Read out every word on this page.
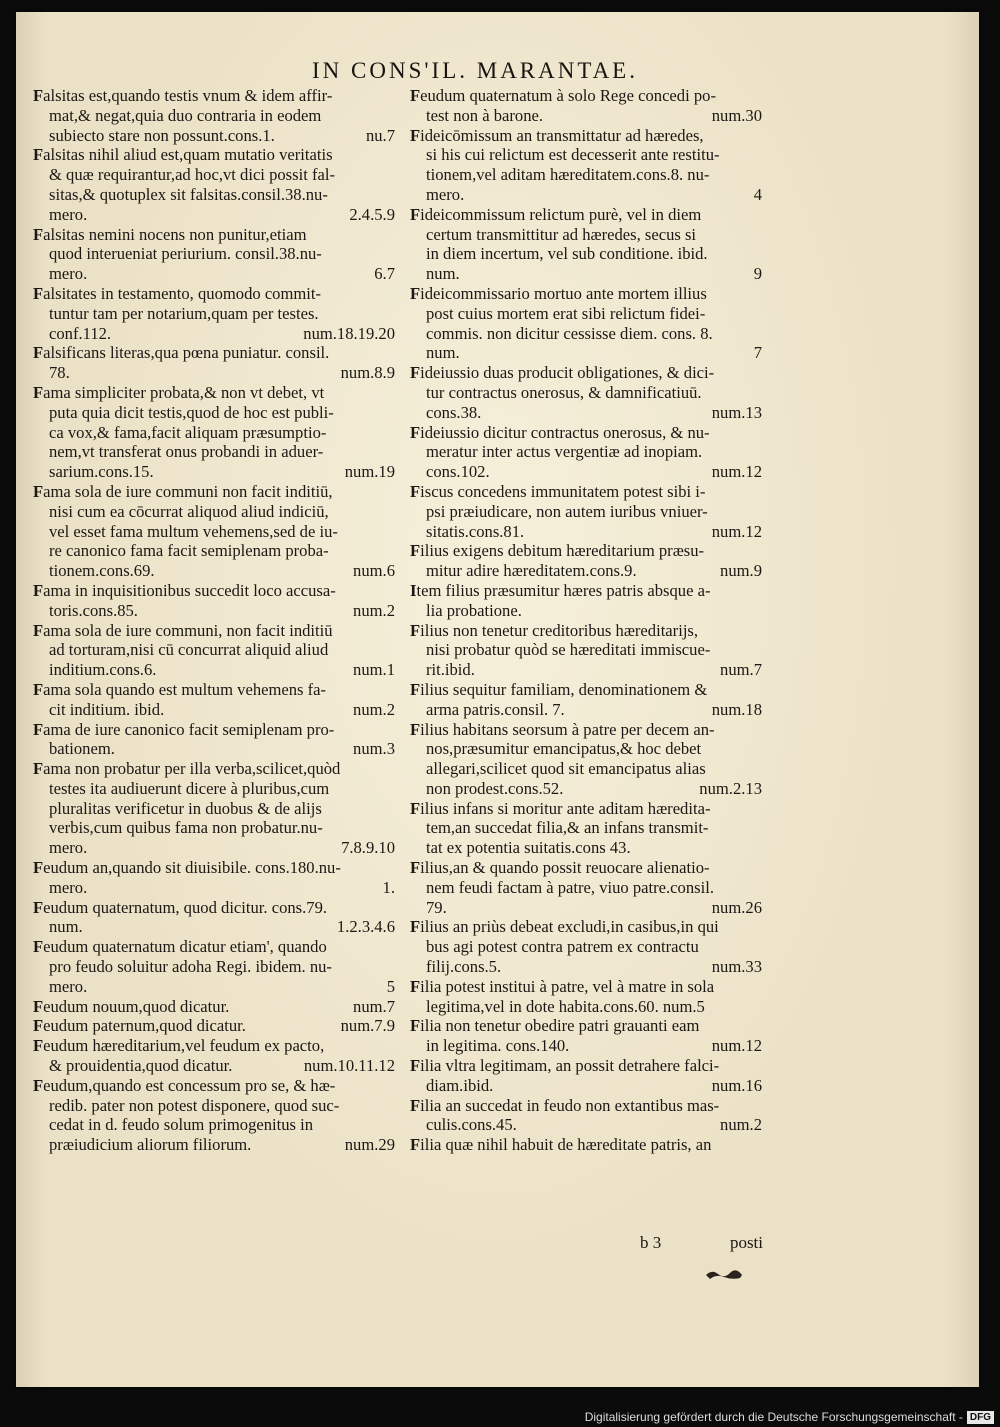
IN CONS'IL. MARANTAE.
Falsitas est,quando testis vnum & idem affir-
mat,& negat,quia duo contraria in eodem
nu.7
subiecto stare non possunt.cons.1.
Falsitas nihil aliud est,quam mutatio veritatis
& quæ requirantur,ad hoc,vt dici possit fal-
sitas,& quotuplex sit falsitas.consil.38.nu-
2.4.5.9
mero.
Falsitas nemini nocens non punitur,etiam
quod interueniat periurium. consil.38.nu-
6.7
mero.
Falsitates in testamento, quomodo commit-
tuntur tam per notarium,quam per testes.
num.18.19.20
conf.112.
Falsificans literas,qua pœna puniatur. consil.
num.8.9
78.
Fama simpliciter probata,& non vt debet, vt
puta quia dicit testis,quod de hoc est publi-
ca vox,& fama,facit aliquam præsumptio-
nem,vt transferat onus probandi in aduer-
num.19
sarium.cons.15.
Fama sola de iure communi non facit inditiū,
nisi cum ea cōcurrat aliquod aliud indiciū,
vel esset fama multum vehemens,sed de iu-
re canonico fama facit semiplenam proba-
num.6
tionem.cons.69.
Fama in inquisitionibus succedit loco accusa-
num.2
toris.cons.85.
Fama sola de iure communi, non facit inditiū
ad torturam,nisi cū concurrat aliquid aliud
num.1
inditium.cons.6.
Fama sola quando est multum vehemens fa-
num.2
cit inditium. ibid.
Fama de iure canonico facit semiplenam pro-
num.3
bationem.
Fama non probatur per illa verba,scilicet,quòd
testes ita audiuerunt dicere à pluribus,cum
pluralitas verificetur in duobus & de alijs
verbis,cum quibus fama non probatur.nu-
7.8.9.10
mero.
Feudum an,quando sit diuisibile. cons.180.nu-
1.
mero.
Feudum quaternatum, quod dicitur. cons.79.
1.2.3.4.6
num.
Feudum quaternatum dicatur etiam', quando
pro feudo soluitur adoha Regi. ibidem. nu-
5
mero.
num.7
Feudum nouum,quod dicatur.
num.7.9
Feudum paternum,quod dicatur.
Feudum hæreditarium,vel feudum ex pacto,
num.10.11.12
& prouidentia,quod dicatur.
Feudum,quando est concessum pro se, & hæ-
redib. pater non potest disponere, quod suc-
cedat in d. feudo solum primogenitus in
num.29
præiudicium aliorum filiorum.
Feudum quaternatum à solo Rege concedi po-
num.30
test non à barone.
Fideicōmissum an transmittatur ad hæredes,
si his cui relictum est decesserit ante restitu-
tionem,vel aditam hæreditatem.cons.8. nu-
4
mero.
Fideicommissum relictum purè, vel in diem
certum transmittitur ad hæredes, secus si
in diem incertum, vel sub conditione. ibid.
9
num.
Fideicommissario mortuo ante mortem illius
post cuius mortem erat sibi relictum fidei-
commis. non dicitur cessisse diem. cons. 8.
7
num.
Fideiussio duas producit obligationes, & dici-
tur contractus onerosus, & damnificatiuū.
num.13
cons.38.
Fideiussio dicitur contractus onerosus, & nu-
meratur inter actus vergentiæ ad inopiam.
num.12
cons.102.
Fiscus concedens immunitatem potest sibi i-
psi præiudicare, non autem iuribus vniuer-
num.12
sitatis.cons.81.
Filius exigens debitum hæreditarium præsu-
num.9
mitur adire hæreditatem.cons.9.
Item filius præsumitur hæres patris absque a-
lia probatione.
Filius non tenetur creditoribus hæreditarijs,
nisi probatur quòd se hæreditati immiscue-
num.7
rit.ibid.
Filius sequitur familiam, denominationem &
num.18
arma patris.consil. 7.
Filius habitans seorsum à patre per decem an-
nos,præsumitur emancipatus,& hoc debet
allegari,scilicet quod sit emancipatus alias
num.2.13
non prodest.cons.52.
Filius infans si moritur ante aditam hæredita-
tem,an succedat filia,& an infans transmit-
tat ex potentia suitatis.cons 43.
Filius,an & quando possit reuocare alienatio-
nem feudi factam à patre, viuo patre.consil.
num.26
79.
Filius an priùs debeat excludi,in casibus,in qui
bus agi potest contra patrem ex contractu
num.33
filij.cons.5.
Filia potest institui à patre, vel à matre in sola
legitima,vel in dote habita.cons.60. num.5
Filia non tenetur obedire patri grauanti eam
num.12
in legitima. cons.140.
Filia vltra legitimam, an possit detrahere falci-
num.16
diam.ibid.
Filia an succedat in feudo non extantibus mas-
num.2
culis.cons.45.
Filia quæ nihil habuit de hæreditate patris, an
b 3	posti
Digitalisierung gefördert durch die Deutsche Forschungsgemeinschaft - DFG
